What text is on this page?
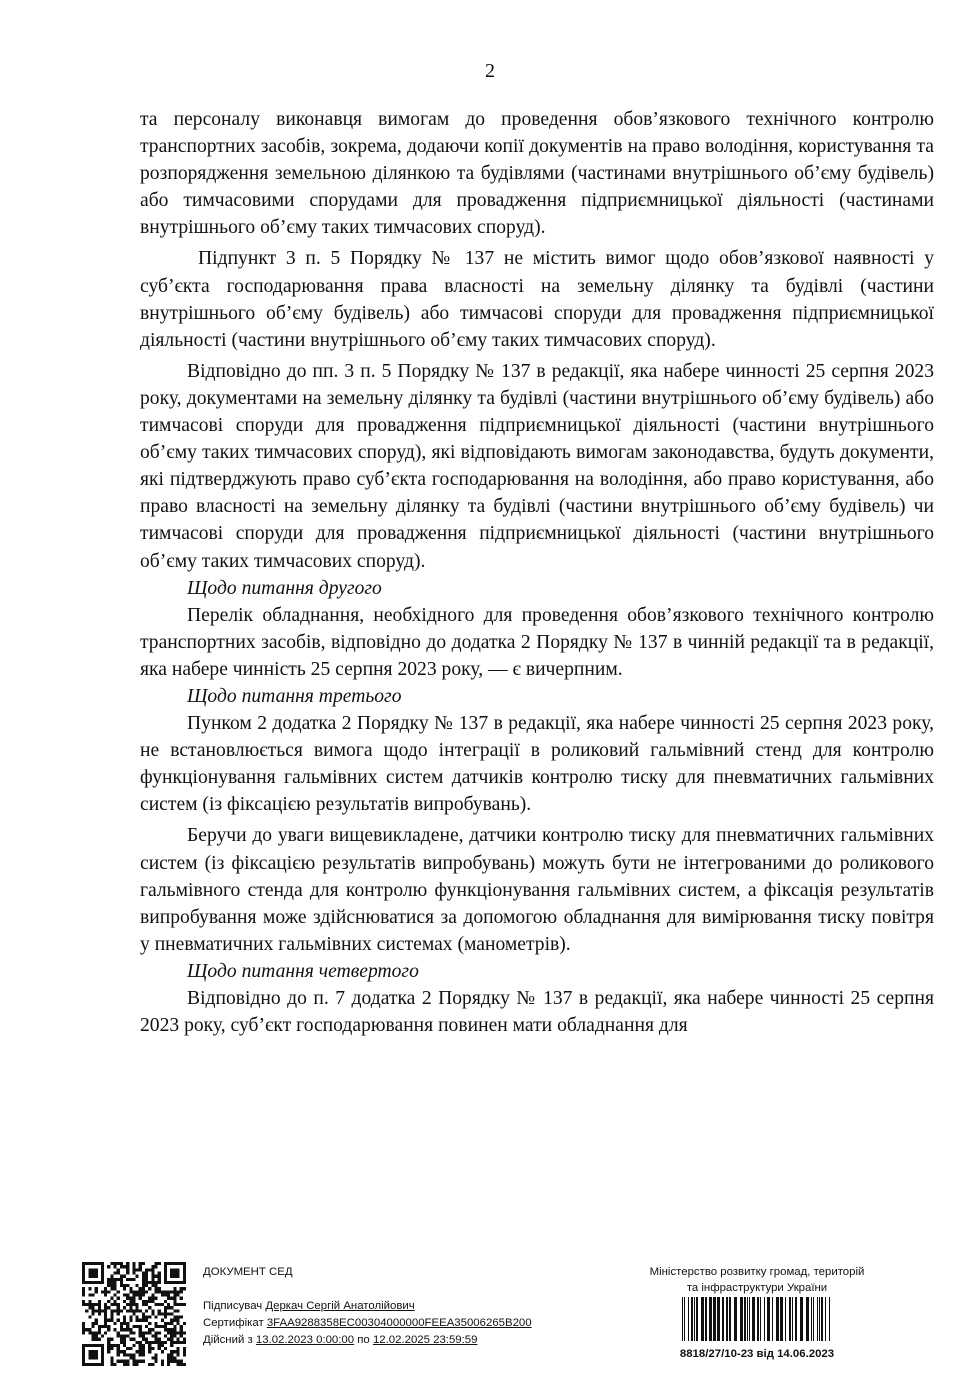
2

та персоналу виконавця вимогам до проведення обов’язкового технічного контролю транспортних засобів, зокрема, додаючи копії документів на право володіння, користування та розпорядження земельною ділянкою та будівлями (частинами внутрішнього об’єму будівель) або тимчасовими спорудами для провадження підприємницької діяльності (частинами внутрішнього об’єму таких тимчасових споруд).

Підпункт 3 п. 5 Порядку № 137 не містить вимог щодо обов’язкової наявності у суб’єкта господарювання права власності на земельну ділянку та будівлі (частини внутрішнього об’єму будівель) або тимчасові споруди для провадження підприємницької діяльності (частини внутрішнього об’єму таких тимчасових споруд).

Відповідно до пп. 3 п. 5 Порядку № 137 в редакції, яка набере чинності 25 серпня 2023 року, документами на земельну ділянку та будівлі (частини внутрішнього об’єму будівель) або тимчасові споруди для провадження підприємницької діяльності (частини внутрішнього об’єму таких тимчасових споруд), які відповідають вимогам законодавства, будуть документи, які підтверджують право суб’єкта господарювання на володіння, або право користування, або право власності на земельну ділянку та будівлі (частини внутрішнього об’єму будівель) чи тимчасові споруди для провадження підприємницької діяльності (частини внутрішнього об’єму таких тимчасових споруд).

Щодо питання другого

Перелік обладнання, необхідного для проведення обов’язкового технічного контролю транспортних засобів, відповідно до додатка 2 Порядку № 137 в чинній редакції та в редакції, яка набере чинність 25 серпня 2023 року, — є вичерпним.

Щодо питання третього

Пунком 2 додатка 2 Порядку № 137 в редакції, яка набере чинності 25 серпня 2023 року, не встановлюється вимога щодо інтеграції в роликовий гальмівний стенд для контролю функціонування гальмівних систем датчиків контролю тиску для пневматичних гальмівних систем (із фіксацією результатів випробувань).

Беручи до уваги вищевикладене, датчики контролю тиску для пневматичних гальмівних систем (із фіксацією результатів випробувань) можуть бути не інтегрованими до роликового гальмівного стенда для контролю функціонування гальмівних систем, а фіксація результатів випробування може здійснюватися за допомогою обладнання для вимірювання тиску повітря у пневматичних гальмівних системах (манометрів).

Щодо питання четвертого

Відповідно до п. 7 додатка 2 Порядку № 137 в редакції, яка набере чинності 25 серпня 2023 року, суб’єкт господарювання повинен мати обладнання для

ДОКУМЕНТ СЕД
Підписувач Деркач Сергій Анатолійович
Сертифікат 3FAA9288358EC00304000000FEEA35006265B200
Дійсний з 13.02.2023 0:00:00 по 12.02.2025 23:59:59
Міністерство розвитку громад, територій
та інфраструктури України
8818/27/10-23 від 14.06.2023
